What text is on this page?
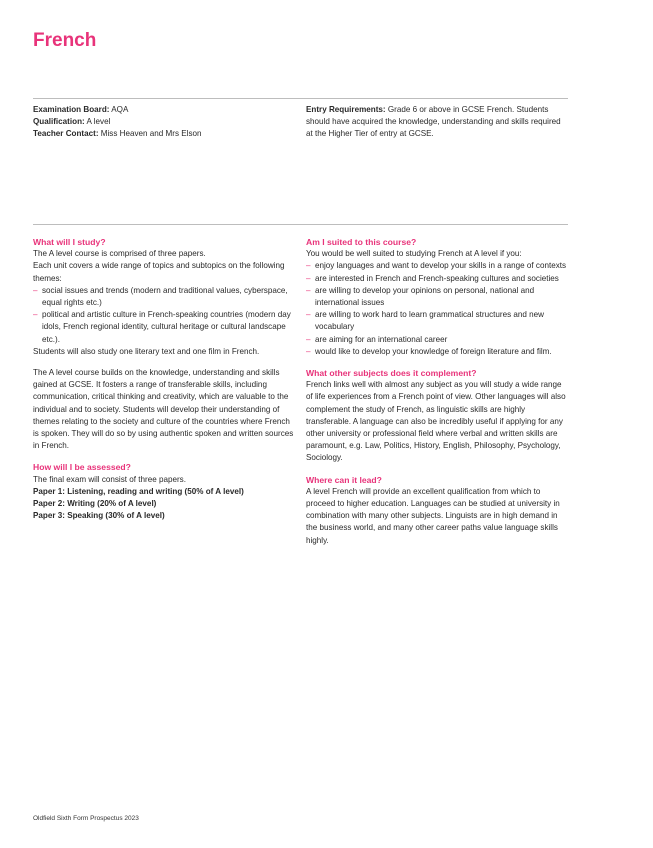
French

Examination Board: AQA

Qualification: A level

Teacher Contact: Miss Heaven and Mrs Elson

Entry Requirements: Grade 6 or above in GCSE French. Students should have acquired the knowledge, understanding and skills required at the Higher Tier of entry at GCSE.

What will I study?

The A level course is comprised of three papers.

Each unit covers a wide range of topics and subtopics on the following themes:

– social issues and trends (modern and traditional values, cyberspace, equal rights etc.)
– political and artistic culture in French-speaking countries (modern day idols, French regional identity, cultural heritage or cultural landscape etc.).

Students will also study one literary text and one film in French.

The A level course builds on the knowledge, understanding and skills gained at GCSE. It fosters a range of transferable skills, including communication, critical thinking and creativity, which are valuable to the individual and to society. Students will develop their understanding of themes relating to the society and culture of the countries where French is spoken. They will do so by using authentic spoken and written sources in French.

How will I be assessed?

The final exam will consist of three papers.

Paper 1: Listening, reading and writing (50% of A level)

Paper 2: Writing (20% of A level)

Paper 3: Speaking (30% of A level)

Am I suited to this course?

You would be well suited to studying French at A level if you:

– enjoy languages and want to develop your skills in a range of contexts
– are interested in French and French-speaking cultures and societies
– are willing to develop your opinions on personal, national and international issues
– are willing to work hard to learn grammatical structures and new vocabulary
– are aiming for an international career
– would like to develop your knowledge of foreign literature and film.

What other subjects does it complement?

French links well with almost any subject as you will study a wide range of life experiences from a French point of view. Other languages will also complement the study of French, as linguistic skills are highly transferable. A language can also be incredibly useful if applying for any other university or professional field where verbal and written skills are paramount, e.g. Law, Politics, History, English, Philosophy, Psychology, Sociology.

Where can it lead?

A level French will provide an excellent qualification from which to proceed to higher education. Languages can be studied at university in combination with many other subjects. Linguists are in high demand in the business world, and many other career paths value language skills highly.

Oldfield Sixth Form Prospectus 2023
